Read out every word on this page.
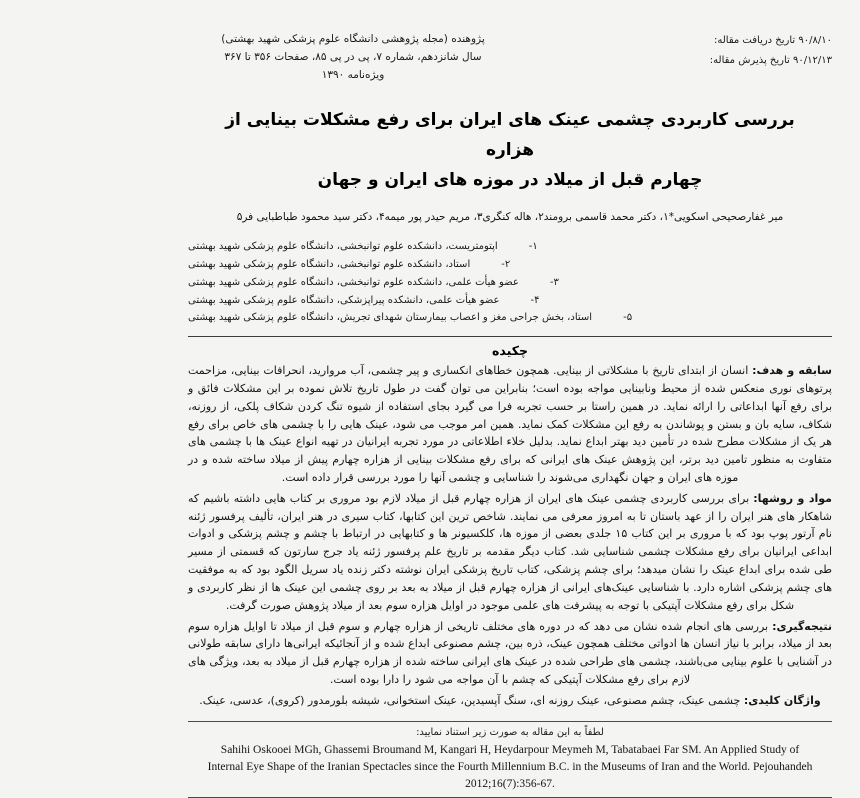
پژوهنده (مجله پژوهشی دانشگاه علوم پزشکی شهید بهشتی)
سال شانزدهم، شماره ۷، پی در پی ۸۵، صفحات ۳۵۶ تا ۳۶۷
ویژه‌نامه ۱۳۹۰
۹۰/۸/۱۰ تاریخ دریافت مقاله:
۹۰/۱۲/۱۳ تاریخ پذیرش مقاله:
بررسی کاربردی چشمی عینک های ایران برای رفع مشکلات بینایی از هزاره
چهارم قبل از میلاد در موزه های ایران و جهان
میر غفارصحیحی اسکویی*۱، دکتر محمد قاسمی برومند۲، هاله کنگری۳، مریم حیدر پور میمه۴، دکتر سید محمود طباطبایی فر۵
۱-
اپتومتریست، دانشکده علوم توانبخشی، دانشگاه علوم پزشکی شهید بهشتی
۲-
استاد، دانشکده علوم توانبخشی، دانشگاه علوم پزشکی شهید بهشتی
۳-
عضو هیأت علمی، دانشکده علوم توانبخشی، دانشگاه علوم پزشکی شهید بهشتی
۴-
عضو هیأت علمی، دانشکده پیراپزشکی، دانشگاه علوم پزشکی شهید بهشتی
۵-
استاد، بخش جراحی مغز و اعصاب بیمارستان شهدای تجریش، دانشگاه علوم پزشکی شهید بهشتی
چکیده

سابقه و هدف: انسان از ابتدای تاریخ با مشکلاتی از بینایی. همچون خطاهای انکساری و پیر چشمی، آب مروارید، انحرافات بینایی، مزاحمت پرتوهای نوری منعکس شده از محیط ونابینایی مواجه بوده است؛ بنابراین می توان گفت در طول تاریخ تلاش نموده بر این مشکلات فائق و برای رفع آنها ابداعاتی را ارائه نماید. در همین راستا بر حسب تجربه فرا می گیرد بجای استفاده از شیوه تنگ کردن شکاف پلکی، از روزنه، شکاف، سایه بان و بستن و پوشاندن به رفع این مشکلات کمک نماید. همین امر موجب می شود، عینک هایی را با چشمی های خاص برای رفع هر یک از مشکلات مطرح شده در تأمین دید بهتر ابداع نماید. بدلیل خلاء اطلاعاتی در مورد تجربه ایرانیان در تهیه انواع عینک ها با چشمی های متفاوت به منظور تامین دید برتر، این پژوهش عینک های ایرانی که برای رفع مشکلات بینایی از هزاره چهارم پیش از میلاد ساخته شده و در موزه های ایران و جهان نگهداری می‌شوند را شناسایی و چشمی آنها را مورد بررسی قرار داده است.

مواد و روشها: برای بررسی کاربردی چشمی عینک های ایران از هزاره چهارم قبل از میلاد لازم بود مروری بر کتاب هایی داشته باشیم که شاهکار های هنر ایران را از عهد باستان تا به امروز معرفی می نمایند. شاخص ترین این کتابها، کتاب سیری در هنر ایران، تألیف پرفسور ژئنه نام آرتور پوپ بود که با مروری بر این کتاب ۱۵ جلدی بعضی از موزه ها، کلکسیونر ها و کتابهایی در ارتباط با چشم و چشم پزشکی و ادوات ابداعی ایرانیان برای رفع مشکلات چشمی شناسایی شد. کتاب دیگر مقدمه بر تاریخ علم پرفسور ژئنه یاد جرج سارتون که قسمتی از مسیر طی شده برای ابداع عینک را نشان میدهد؛ برای چشم پزشکی، کتاب تاریخ پزشکی ایران نوشته دکتر زنده یاد سریل الگود بود که به موفقیت های چشم پزشکی اشاره دارد. با شناسایی عینک‌های ایرانی از هزاره چهارم قبل از میلاد به بعد بر روی چشمی این عینک ها از نظر کاربردی و شکل برای رفع مشکلات آپتیکی با توجه به پیشرفت های علمی موجود در اوایل هزاره سوم بعد از میلاد پژوهش صورت گرفت.

نتیجه‌گیری: بررسی های انجام شده نشان می دهد که در دوره های مختلف تاریخی از هزاره چهارم و سوم قبل از میلاد تا اوایل هزاره سوم بعد از میلاد، برابر با نیاز انسان ها ادواتی مختلف همچون عینک، ذره بین، چشم مصنوعی ابداع شده و از آنجائیکه ایرانی‌ها دارای سابقه طولانی در آشنایی با علوم بینایی می‌باشند، چشمی های طراحی شده در عینک های ایرانی ساخته شده از هزاره چهارم قبل از میلاد به بعد، ویژگی های لازم برای رفع مشکلات آپتیکی که چشم با آن مواجه می شود را دارا بوده است.

واژگان کلیدی: چشمی عینک، چشم مصنوعی، عینک روزنه ای، سنگ آپسیدین، عینک استخوانی، شیشه بلورمدور (کروی)، عدسی، عینک.

لطفاً به این مقاله به صورت زیر استناد نمایید:
Sahihi Oskooei MGh, Ghassemi Broumand M, Kangari H, Heydarpour Meymeh M, Tabatabaei Far SM. An Applied Study of Internal Eye Shape of the Iranian Spectacles since the Fourth Millennium B.C. in the Museums of Iran and the World. Pejouhandeh 2012;16(7):356-67.
